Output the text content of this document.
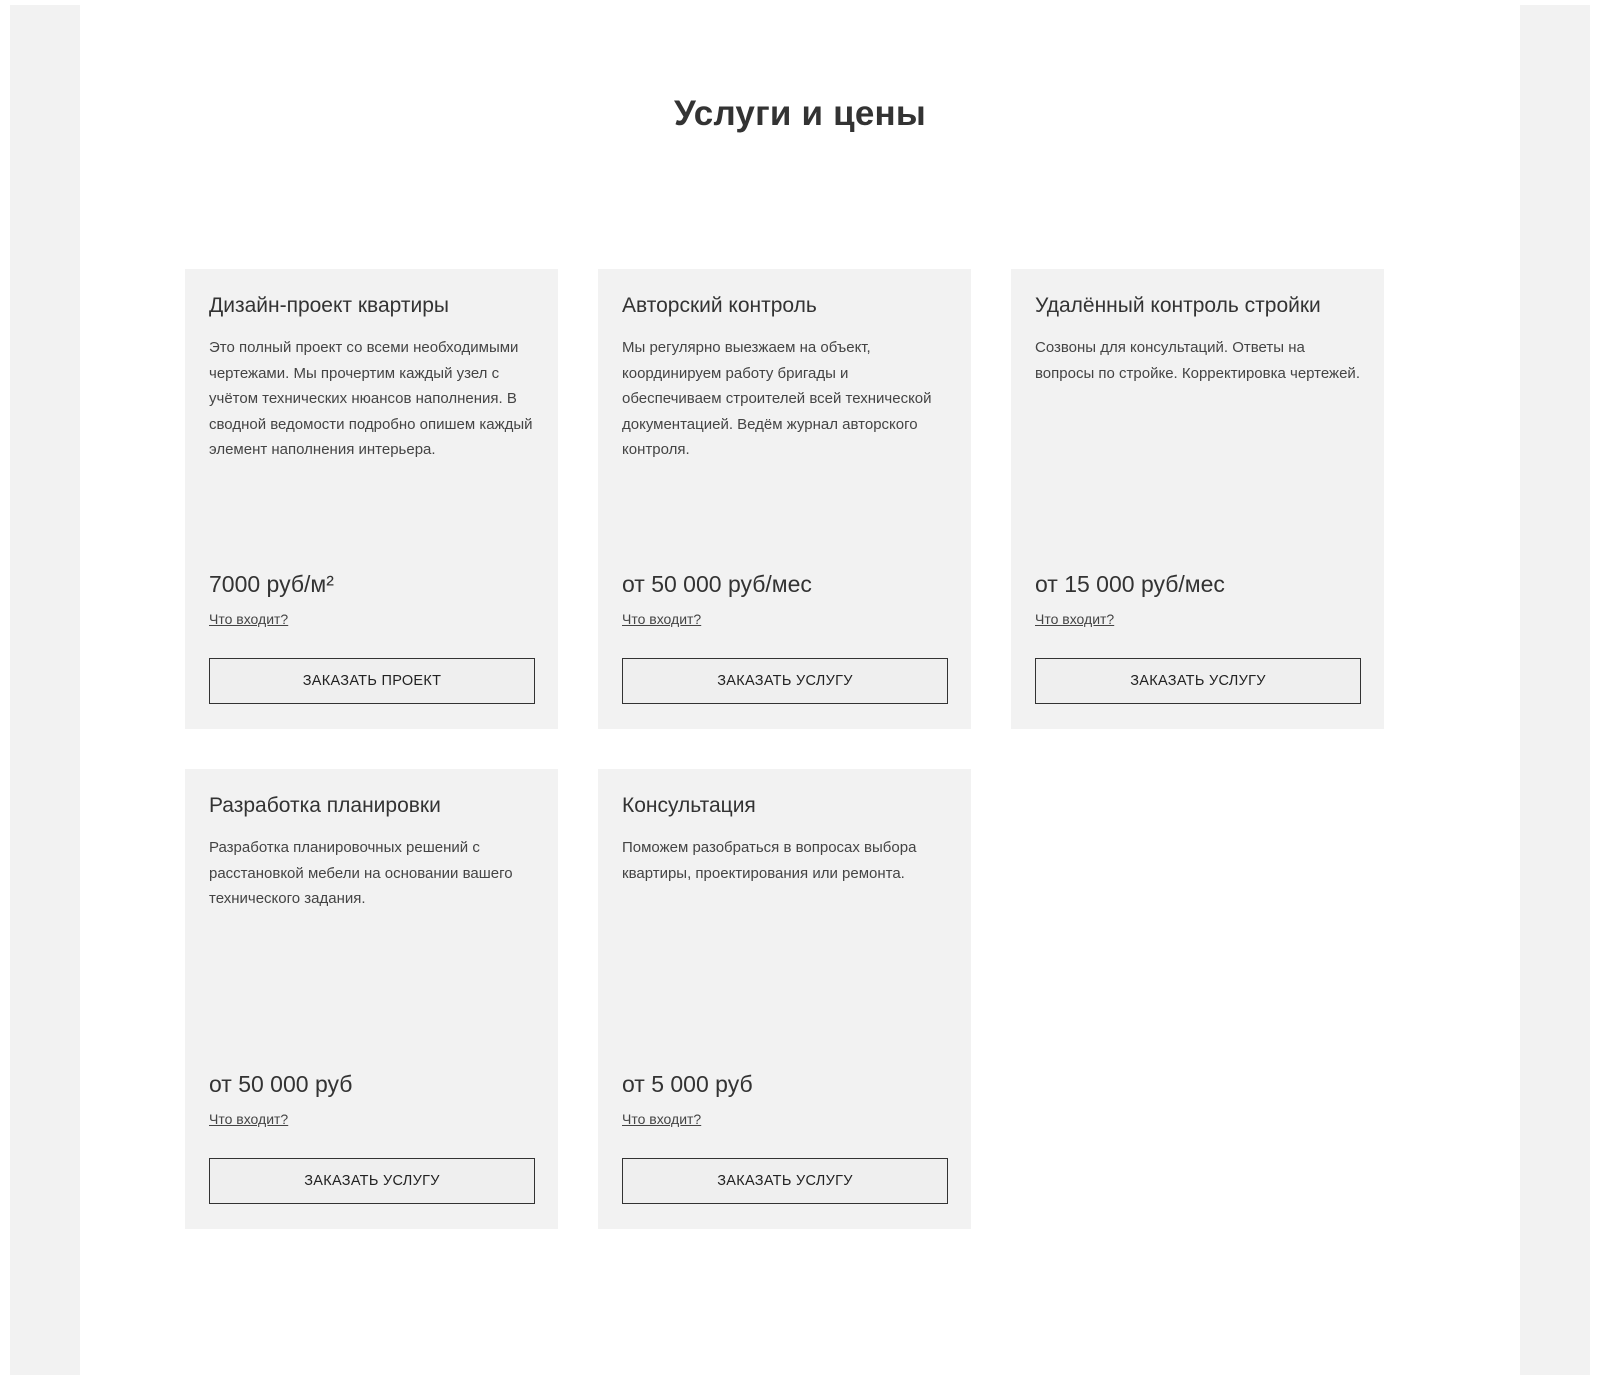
Услуги и цены
Дизайн-проект квартиры

Это полный проект со всеми необходимыми чертежами. Мы прочертим каждый узел с учётом технических нюансов наполнения. В сводной ведомости подробно опишем каждый элемент наполнения интерьера.

7000 руб/м²
Что входит?
ЗАКАЗАТЬ ПРОЕКТ
Авторский контроль

Мы регулярно выезжаем на объект, координируем работу бригады и обеспечиваем строителей всей технической документацией. Ведём журнал авторского контроля.

от 50 000 руб/мес
Что входит?
ЗАКАЗАТЬ УСЛУГУ
Удалённый контроль стройки

Созвоны для консультаций. Ответы на вопросы по стройке. Корректировка чертежей.

от 15 000 руб/мес
Что входит?
ЗАКАЗАТЬ УСЛУГУ
Разработка планировки

Разработка планировочных решений с расстановкой мебели на основании вашего технического задания.

от 50 000 руб
Что входит?
ЗАКАЗАТЬ УСЛУГУ
Консультация

Поможем разобраться в вопросах выбора квартиры, проектирования или ремонта.

от 5 000 руб
Что входит?
ЗАКАЗАТЬ УСЛУГУ
